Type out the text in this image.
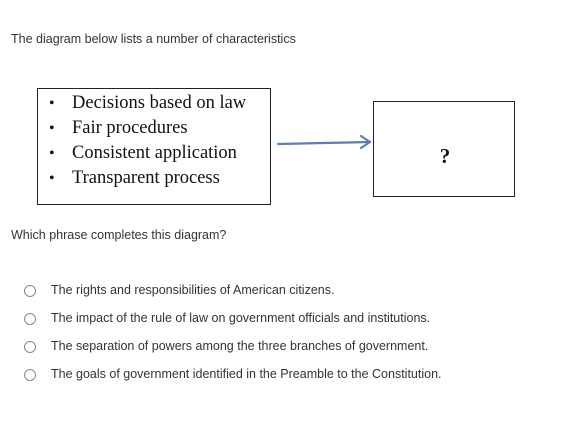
The diagram below lists a number of characteristics
• Decisions based on law
• Fair procedures
• Consistent application
• Transparent process
?
Which phrase completes this diagram?
The rights and responsibilities of American citizens.
The impact of the rule of law on government officials and institutions.
The separation of powers among the three branches of government.
The goals of government identified in the Preamble to the Constitution.
